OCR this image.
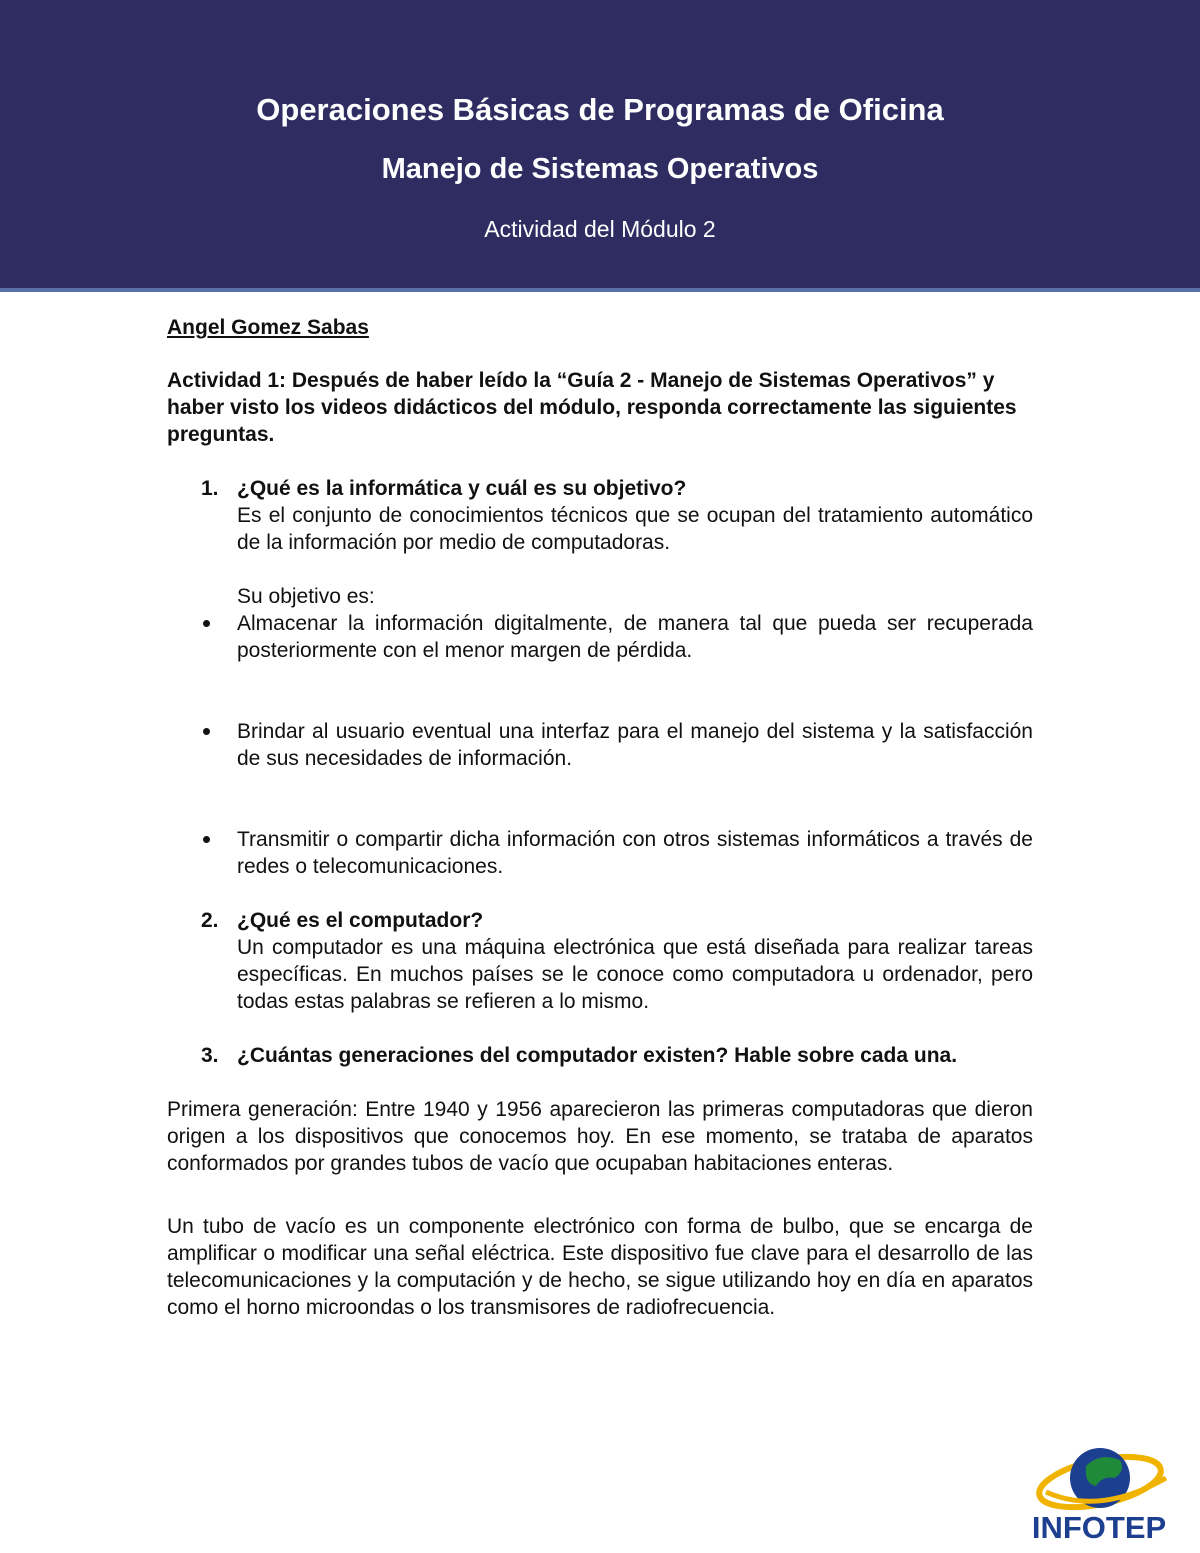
Operaciones Básicas de Programas de Oficina
Manejo de Sistemas Operativos
Actividad del Módulo 2
Angel Gomez Sabas
Actividad 1: Después de haber leído la “Guía 2 - Manejo de Sistemas Operativos” y haber visto los videos didácticos del módulo, responda correctamente las siguientes preguntas.
1. ¿Qué es la informática y cuál es su objetivo?
Es el conjunto de conocimientos técnicos que se ocupan del tratamiento automático de la información por medio de computadoras.
Su objetivo es:
Almacenar la información digitalmente, de manera tal que pueda ser recuperada posteriormente con el menor margen de pérdida.
Brindar al usuario eventual una interfaz para el manejo del sistema y la satisfacción de sus necesidades de información.
Transmitir o compartir dicha información con otros sistemas informáticos a través de redes o telecomunicaciones.
2. ¿Qué es el computador?
Un computador es una máquina electrónica que está diseñada para realizar tareas específicas. En muchos países se le conoce como computadora u ordenador, pero todas estas palabras se refieren a lo mismo.
3. ¿Cuántas generaciones del computador existen? Hable sobre cada una.

Primera generación: Entre 1940 y 1956 aparecieron las primeras computadoras que dieron origen a los dispositivos que conocemos hoy. En ese momento, se trataba de aparatos conformados por grandes tubos de vacío que ocupaban habitaciones enteras.

Un tubo de vacío es un componente electrónico con forma de bulbo, que se encarga de amplificar o modificar una señal eléctrica. Este dispositivo fue clave para el desarrollo de las telecomunicaciones y la computación y de hecho, se sigue utilizando hoy en día en aparatos como el horno microondas o los transmisores de radiofrecuencia.

INFOTEP
